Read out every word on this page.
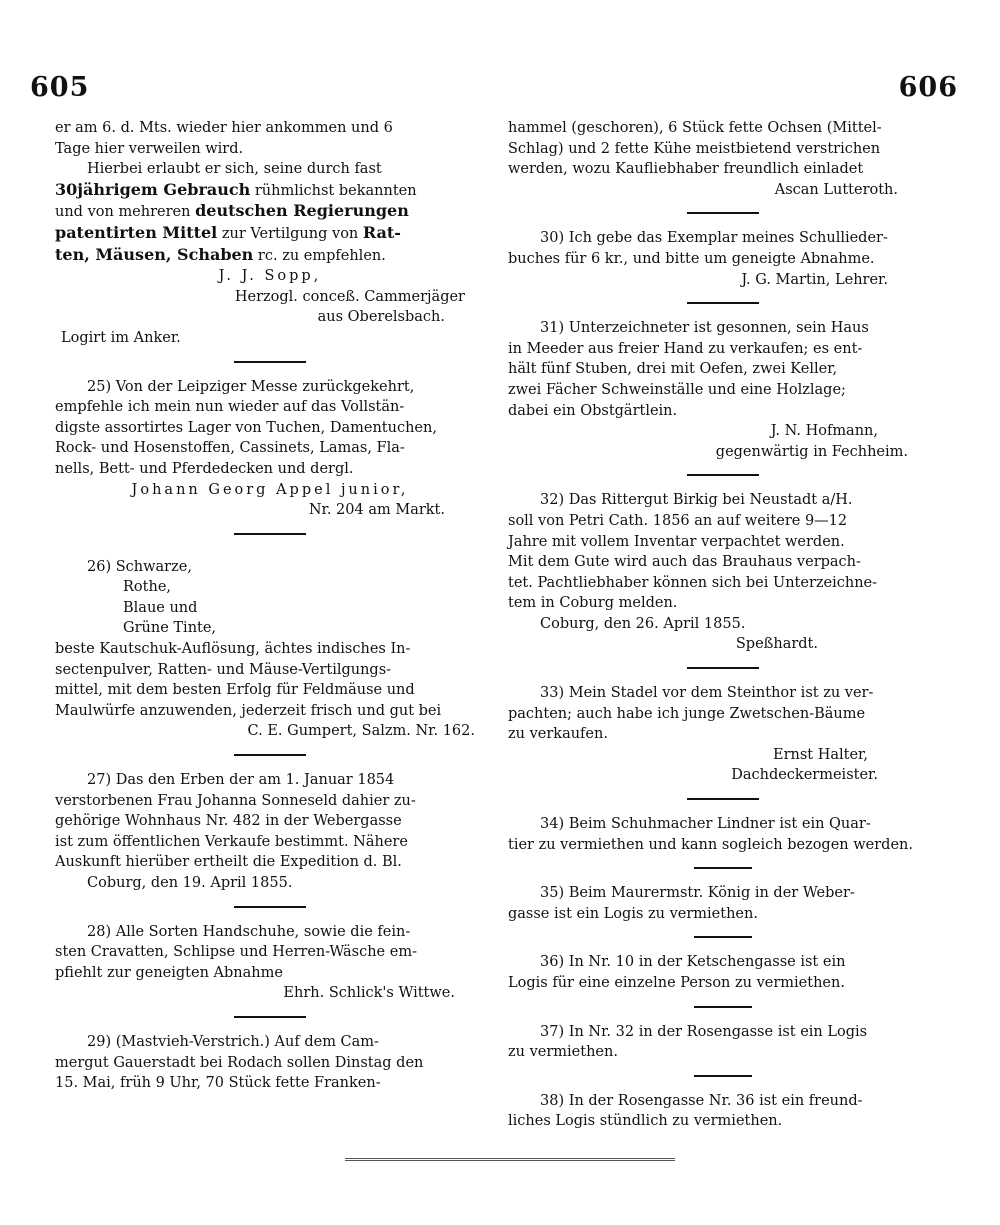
605	606
er am 6. d. Mts. wieder hier ankommen und 6
Tage hier verweilen wird.
Hierbei erlaubt er sich, seine durch fast
30jährigem Gebrauch rühmlichst bekannten
und von mehreren deutschen Regierungen
patentirten Mittel zur Vertilgung von Rat-
ten, Mäusen, Schaben rc. zu empfehlen.
J. J. Sopp,
Herzogl. conceß. Cammerjäger
aus Oberelsbach.
Logirt im Anker.
25) Von der Leipziger Messe zurückgekehrt,
empfehle ich mein nun wieder auf das Vollstän-
digste assortirtes Lager von Tuchen, Damentuchen,
Rock- und Hosenstoffen, Cassinets, Lamas, Fla-
nells, Bett- und Pferdedecken und dergl.
Johann Georg Appel junior,
Nr. 204 am Markt.
26) Schwarze,
Rothe,
Blaue und
Grüne Tinte,
beste Kautschuk-Auflösung, ächtes indisches In-
sectenpulver, Ratten- und Mäuse-Vertilgungs-
mittel, mit dem besten Erfolg für Feldmäuse und
Maulwürfe anzuwenden, jederzeit frisch und gut bei
C. E. Gumpert, Salzm. Nr. 162.
27) Das den Erben der am 1. Januar 1854
verstorbenen Frau Johanna Sonneseld dahier zu-
gehörige Wohnhaus Nr. 482 in der Webergasse
ist zum öffentlichen Verkaufe bestimmt. Nähere
Auskunft hierüber ertheilt die Expedition d. Bl.
Coburg, den 19. April 1855.
28) Alle Sorten Handschuhe, sowie die fein-
sten Cravatten, Schlipse und Herren-Wäsche em-
pfiehlt zur geneigten Abnahme
Ehrh. Schlick's Wittwe.
29) (Mastvieh-Verstrich.) Auf dem Cam-
mergut Gauerstadt bei Rodach sollen Dinstag den
15. Mai, früh 9 Uhr, 70 Stück fette Franken-
hammel (geschoren), 6 Stück fette Ochsen (Mittel-
Schlag) und 2 fette Kühe meistbietend verstrichen
werden, wozu Kaufliebhaber freundlich einladet
Ascan Lutteroth.
30) Ich gebe das Exemplar meines Schullieder-
buches für 6 kr., und bitte um geneigte Abnahme.
J. G. Martin, Lehrer.
31) Unterzeichneter ist gesonnen, sein Haus
in Meeder aus freier Hand zu verkaufen; es ent-
hält fünf Stuben, drei mit Oefen, zwei Keller,
zwei Fächer Schweinställe und eine Holzlage;
dabei ein Obstgärtlein.
J. N. Hofmann,
gegenwärtig in Fechheim.
32) Das Rittergut Birkig bei Neustadt a/H.
soll von Petri Cath. 1856 an auf weitere 9—12
Jahre mit vollem Inventar verpachtet werden.
Mit dem Gute wird auch das Brauhaus verpach-
tet. Pachtliebhaber können sich bei Unterzeichne-
tem in Coburg melden.
Coburg, den 26. April 1855.
Speßhardt.
33) Mein Stadel vor dem Steinthor ist zu ver-
pachten; auch habe ich junge Zwetschen-Bäume
zu verkaufen.
Ernst Halter,
Dachdeckermeister.
34) Beim Schuhmacher Lindner ist ein Quar-
tier zu vermiethen und kann sogleich bezogen werden.
35) Beim Maurermstr. König in der Weber-
gasse ist ein Logis zu vermiethen.
36) In Nr. 10 in der Ketschengasse ist ein
Logis für eine einzelne Person zu vermiethen.
37) In Nr. 32 in der Rosengasse ist ein Logis
zu vermiethen.
38) In der Rosengasse Nr. 36 ist ein freund-
liches Logis stündlich zu vermiethen.
